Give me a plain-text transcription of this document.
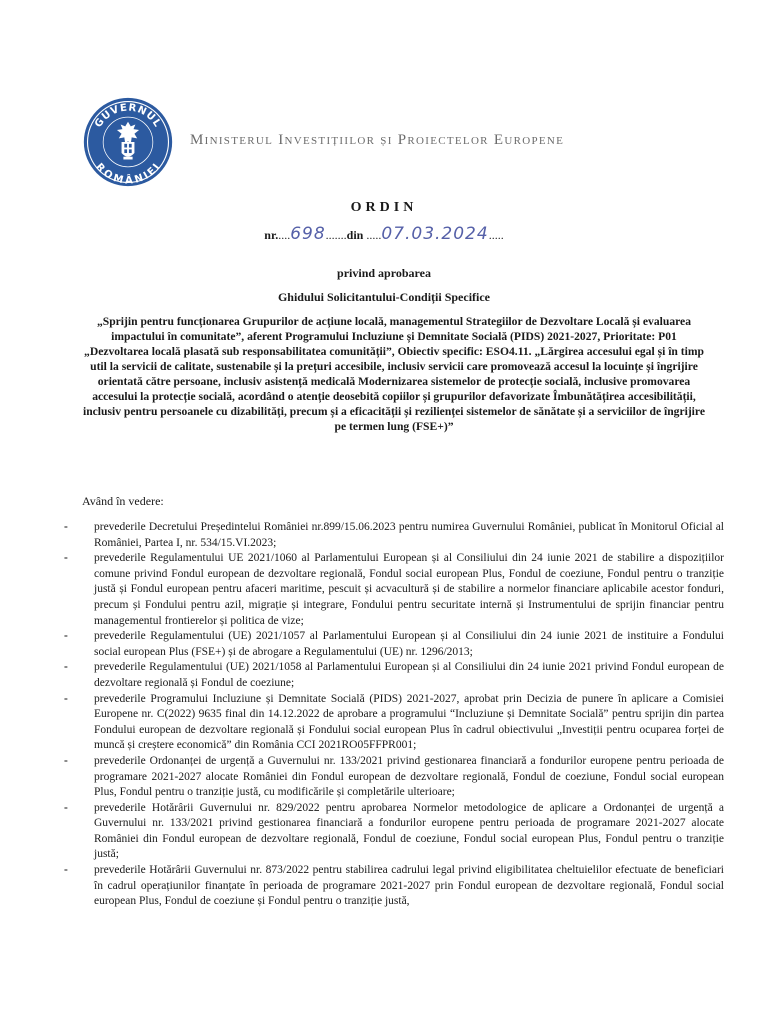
GUVERNUL
ROMÂNIEI
Ministerul Investițiilor și Proiectelor Europene
ORDIN
nr.....698.......din .....07.03.2024.....
privind aprobarea
Ghidului Solicitantului-Condiții Specifice
„Sprijin pentru funcționarea Grupurilor de acțiune locală, managementul Strategiilor de Dezvoltare Locală și evaluarea impactului în comunitate”, aferent Programului Incluziune și Demnitate Socială (PIDS) 2021-2027, Prioritate: P01 „Dezvoltarea locală plasată sub responsabilitatea comunității”, Obiectiv specific: ESO4.11. „Lărgirea accesului egal și în timp util la servicii de calitate, sustenabile și la prețuri accesibile, inclusiv servicii care promovează accesul la locuințe și îngrijire orientată către persoane, inclusiv asistență medicală Modernizarea sistemelor de protecție socială, inclusive promovarea accesului la protecție socială, acordând o atenție deosebită copiilor și grupurilor defavorizate Îmbunătățirea accesibilității, inclusiv pentru persoanele cu dizabilități, precum și a eficacității și rezilienței sistemelor de sănătate și a serviciilor de îngrijire pe termen lung (FSE+)”
Având în vedere:
- prevederile Decretului Președintelui României nr.899/15.06.2023 pentru numirea Guvernului României, publicat în Monitorul Oficial al României, Partea I, nr. 534/15.VI.2023;
- prevederile Regulamentului UE 2021/1060 al Parlamentului European și al Consiliului din 24 iunie 2021 de stabilire a dispozițiilor comune privind Fondul european de dezvoltare regională, Fondul social european Plus, Fondul de coeziune, Fondul pentru o tranziție justă și Fondul european pentru afaceri maritime, pescuit și acvacultură și de stabilire a normelor financiare aplicabile acestor fonduri, precum și Fondului pentru azil, migrație și integrare, Fondului pentru securitate internă și Instrumentului de sprijin financiar pentru managementul frontierelor și politica de vize;
- prevederile Regulamentului (UE) 2021/1057 al Parlamentului European și al Consiliului din 24 iunie 2021 de instituire a Fondului social european Plus (FSE+) și de abrogare a Regulamentului (UE) nr. 1296/2013;
- prevederile Regulamentului (UE) 2021/1058 al Parlamentului European și al Consiliului din 24 iunie 2021 privind Fondul european de dezvoltare regională și Fondul de coeziune;
- prevederile Programului Incluziune și Demnitate Socială (PIDS) 2021-2027, aprobat prin Decizia de punere în aplicare a Comisiei Europene nr. C(2022) 9635 final din 14.12.2022 de aprobare a programului “Incluziune și Demnitate Socială” pentru sprijin din partea Fondului european de dezvoltare regională și Fondului social european Plus în cadrul obiectivului „Investiții pentru ocuparea forței de muncă și creștere economică” din România CCI 2021RO05FFPR001;
- prevederile Ordonanței de urgență a Guvernului nr. 133/2021 privind gestionarea financiară a fondurilor europene pentru perioada de programare 2021-2027 alocate României din Fondul european de dezvoltare regională, Fondul de coeziune, Fondul social european Plus, Fondul pentru o tranziție justă, cu modificările și completările ulterioare;
- prevederile Hotărârii Guvernului nr. 829/2022 pentru aprobarea Normelor metodologice de aplicare a Ordonanței de urgență a Guvernului nr. 133/2021 privind gestionarea financiară a fondurilor europene pentru perioada de programare 2021-2027 alocate României din Fondul european de dezvoltare regională, Fondul de coeziune, Fondul social european Plus, Fondul pentru o tranziție justă;
- prevederile Hotărârii Guvernului nr. 873/2022 pentru stabilirea cadrului legal privind eligibilitatea cheltuielilor efectuate de beneficiari în cadrul operațiunilor finanțate în perioada de programare 2021-2027 prin Fondul european de dezvoltare regională, Fondul social european Plus, Fondul de coeziune și Fondul pentru o tranziție justă,
